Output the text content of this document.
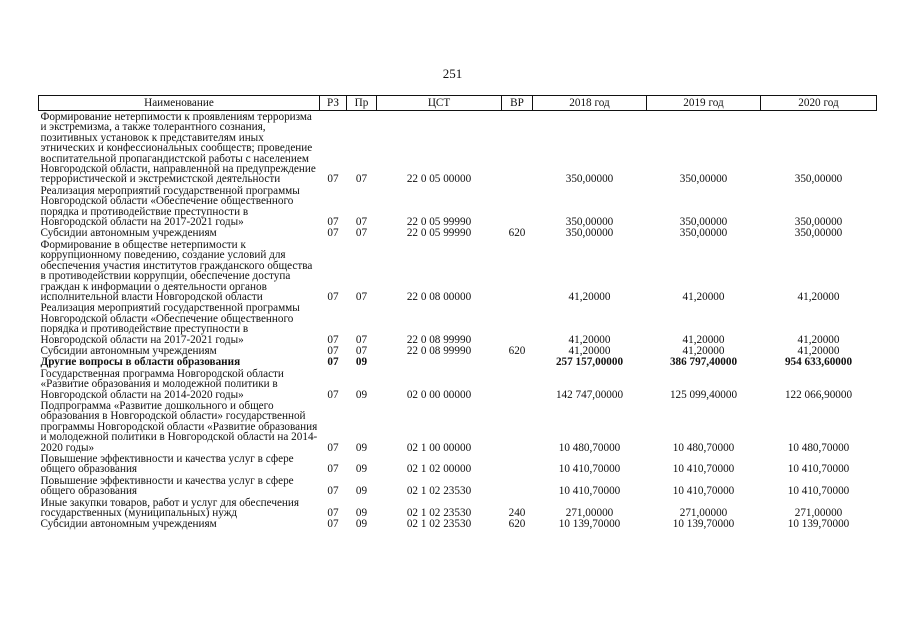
251
Наименование	РЗ	Пр	ЦСТ	ВР	2018 год	2019 год	2020 год
Формирование нетерпимости к проявлениям терроризма и экстремизма, а также толерантного сознания, позитивных установок к представителям иных этнических и конфессиональных сообществ; проведение воспитательной пропагандистской работы с населением Новгородской области, направленной на предупреждение террористической и экстремистской деятельности	07	07	22 0 05 00000		350,00000	350,00000	350,00000
Реализация мероприятий государственной программы Новгородской области «Обеспечение общественного порядка и противодействие преступности в Новгородской области на 2017-2021 годы»	07	07	22 0 05 99990		350,00000	350,00000	350,00000
Субсидии автономным учреждениям	07	07	22 0 05 99990	620	350,00000	350,00000	350,00000
Формирование в обществе нетерпимости к коррупционному поведению, создание условий для обеспечения участия институтов гражданского общества в противодействии коррупции, обеспечение доступа граждан к информации о деятельности органов исполнительной власти Новгородской области	07	07	22 0 08 00000		41,20000	41,20000	41,20000
Реализация мероприятий государственной программы Новгородской области «Обеспечение общественного порядка и противодействие преступности в Новгородской области на 2017-2021 годы»	07	07	22 0 08 99990		41,20000	41,20000	41,20000
Субсидии автономным учреждениям	07	07	22 0 08 99990	620	41,20000	41,20000	41,20000
Другие вопросы в области образования	07	09			257 157,00000	386 797,40000	954 633,60000
Государственная программа Новгородской области «Развитие образования и молодежной политики в Новгородской области на 2014-2020 годы»	07	09	02 0 00 00000		142 747,00000	125 099,40000	122 066,90000
Подпрограмма «Развитие дошкольного и общего образования в Новгородской области» государственной программы Новгородской области «Развитие образования и молодежной политики в Новгородской области на 2014-2020 годы»	07	09	02 1 00 00000		10 480,70000	10 480,70000	10 480,70000
Повышение эффективности и качества услуг в сфере общего образования	07	09	02 1 02 00000		10 410,70000	10 410,70000	10 410,70000
Повышение эффективности и качества услуг в сфере общего образования	07	09	02 1 02 23530		10 410,70000	10 410,70000	10 410,70000
Иные закупки товаров, работ и услуг для обеспечения государственных (муниципальных) нужд	07	09	02 1 02 23530	240	271,00000	271,00000	271,00000
Субсидии автономным учреждениям	07	09	02 1 02 23530	620	10 139,70000	10 139,70000	10 139,70000
